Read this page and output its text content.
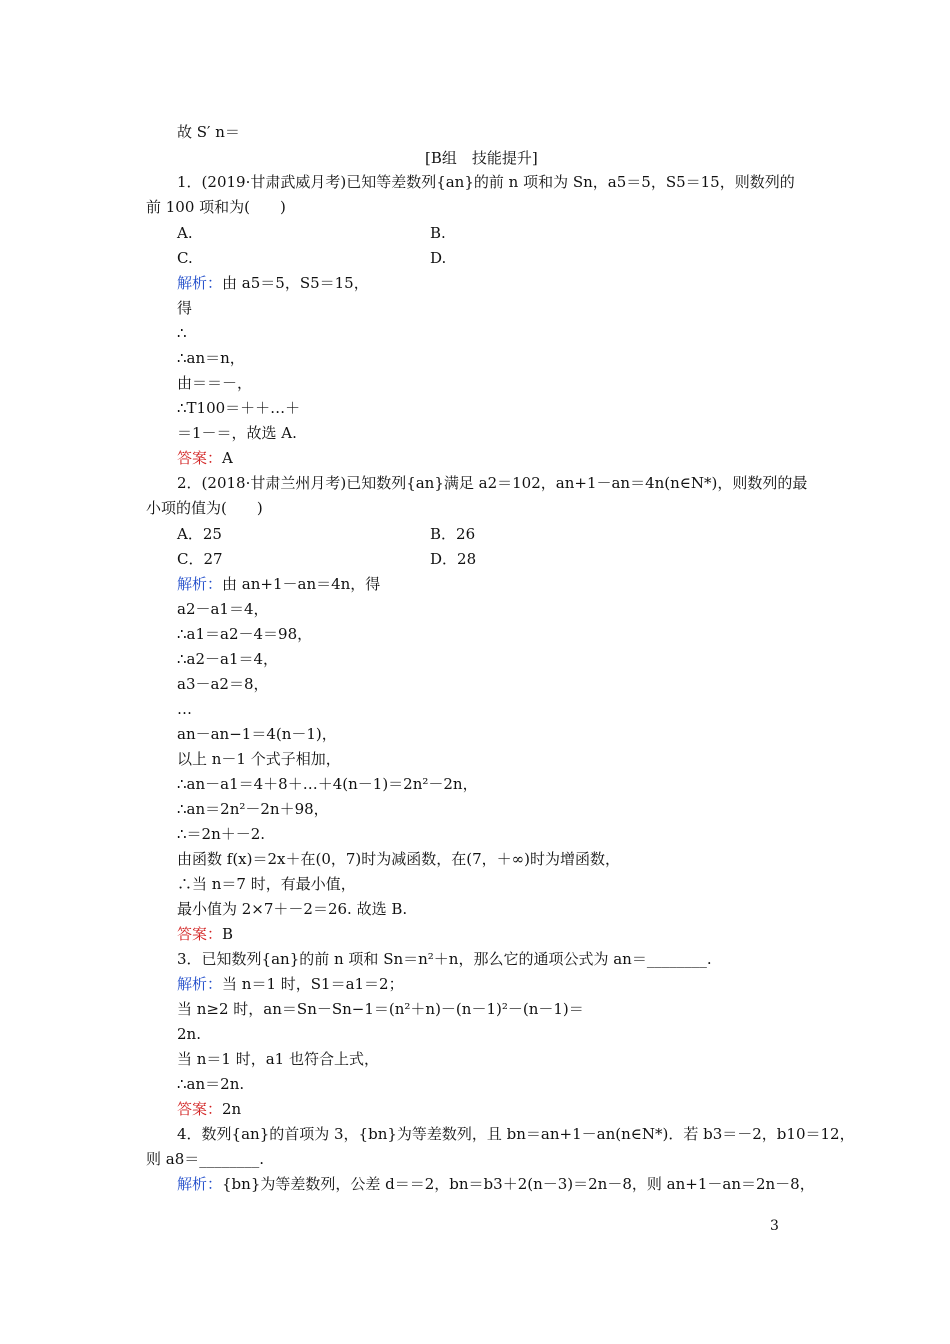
故 S′ n＝
[B组　技能提升]
1．(2019·甘肃武威月考)已知等差数列{an}的前 n 项和为 Sn，a5＝5，S5＝15，则数列的
前 100 项和为(　　)
A.	B.
C.	D.
解析：由 a5＝5，S5＝15，
得
∴
∴an＝n，
由＝＝－，
∴T100＝＋＋…＋
＝1－＝，故选 A.
答案：A
2．(2018·甘肃兰州月考)已知数列{an}满足 a2＝102，an+1－an＝4n(n∈N*)，则数列的最
小项的值为(　　)
A．25	B．26
C．27	D．28
解析：由 an+1－an＝4n，得
a2－a1＝4，
∴a1＝a2－4＝98，
∴a2－a1＝4，
a3－a2＝8，
…
an－an−1＝4(n－1)，
以上 n－1 个式子相加，
∴an－a1＝4＋8＋…＋4(n－1)＝2n²－2n，
∴an＝2n²－2n＋98，
∴＝2n＋－2.
由函数 f(x)＝2x＋在(0，7)时为减函数，在(7，＋∞)时为增函数，
∴当 n＝7 时，有最小值，
最小值为 2×7＋－2＝26. 故选 B.
答案：B
3．已知数列{an}的前 n 项和 Sn＝n²＋n，那么它的通项公式为 an＝________.
解析：当 n＝1 时，S1＝a1＝2；
当 n≥2 时，an＝Sn－Sn−1＝(n²＋n)－(n－1)²－(n－1)＝
2n.
当 n＝1 时，a1 也符合上式，
∴an＝2n.
答案：2n
4．数列{an}的首项为 3，{bn}为等差数列，且 bn＝an+1－an(n∈N*)．若 b3＝－2，b10＝12，
则 a8＝________.
解析：{bn}为等差数列，公差 d＝＝2，bn＝b3＋2(n－3)＝2n－8，则 an+1－an＝2n－8，
3
